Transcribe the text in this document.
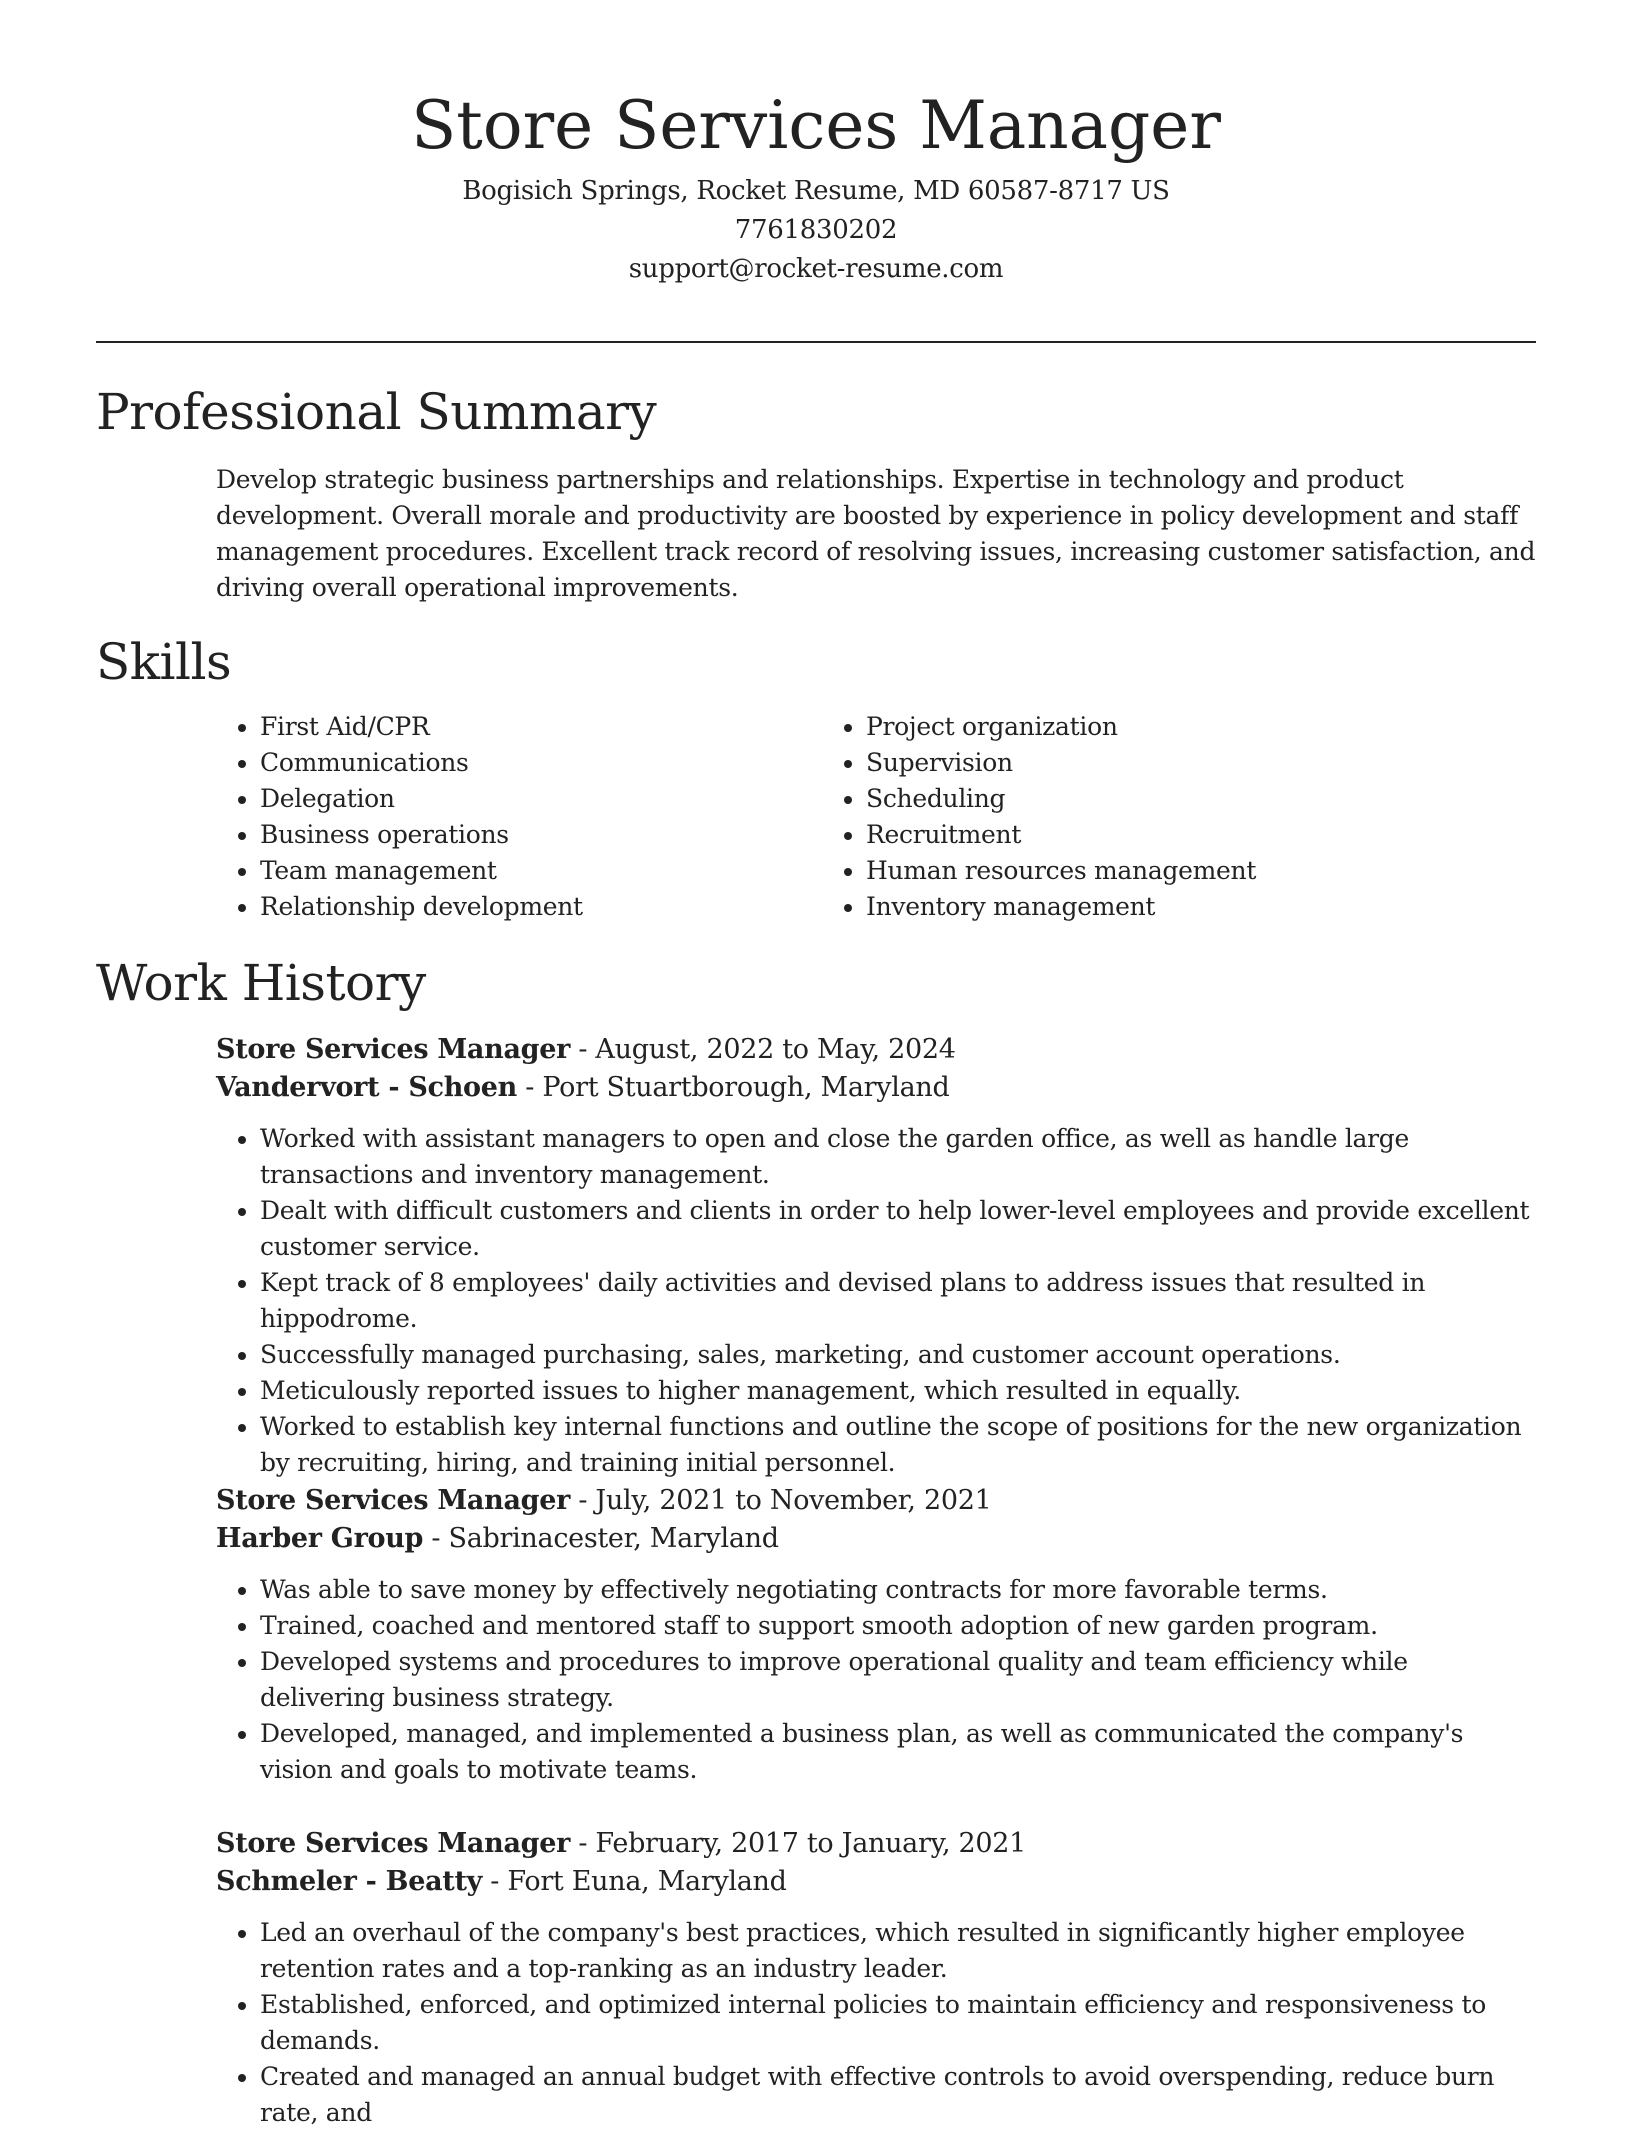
Store Services Manager
Bogisich Springs, Rocket Resume, MD 60587-8717 US
7761830202
support@rocket-resume.com
Professional Summary

Develop strategic business partnerships and relationships. Expertise in technology and product development. Overall morale and productivity are boosted by experience in policy development and staff management procedures. Excellent track record of resolving issues, increasing customer satisfaction, and driving overall operational improvements.

Skills
• First Aid/CPR
• Communications
• Delegation
• Business operations
• Team management
• Relationship development
• Project organization
• Supervision
• Scheduling
• Recruitment
• Human resources management
• Inventory management
Work History
Store Services Manager - August, 2022 to May, 2024
Vandervort - Schoen - Port Stuartborough, Maryland
• Worked with assistant managers to open and close the garden office, as well as handle large transactions and inventory management.
• Dealt with difficult customers and clients in order to help lower-level employees and provide excellent customer service.
• Kept track of 8 employees' daily activities and devised plans to address issues that resulted in hippodrome.
• Successfully managed purchasing, sales, marketing, and customer account operations.
• Meticulously reported issues to higher management, which resulted in equally.
• Worked to establish key internal functions and outline the scope of positions for the new organization by recruiting, hiring, and training initial personnel.
Store Services Manager - July, 2021 to November, 2021
Harber Group - Sabrinacester, Maryland
• Was able to save money by effectively negotiating contracts for more favorable terms.
• Trained, coached and mentored staff to support smooth adoption of new garden program.
• Developed systems and procedures to improve operational quality and team efficiency while delivering business strategy.
• Developed, managed, and implemented a business plan, as well as communicated the company's vision and goals to motivate teams.
Store Services Manager - February, 2017 to January, 2021
Schmeler - Beatty - Fort Euna, Maryland
• Led an overhaul of the company's best practices, which resulted in significantly higher employee retention rates and a top-ranking as an industry leader.
• Established, enforced, and optimized internal policies to maintain efficiency and responsiveness to demands.
• Created and managed an annual budget with effective controls to avoid overspending, reduce burn rate, and
